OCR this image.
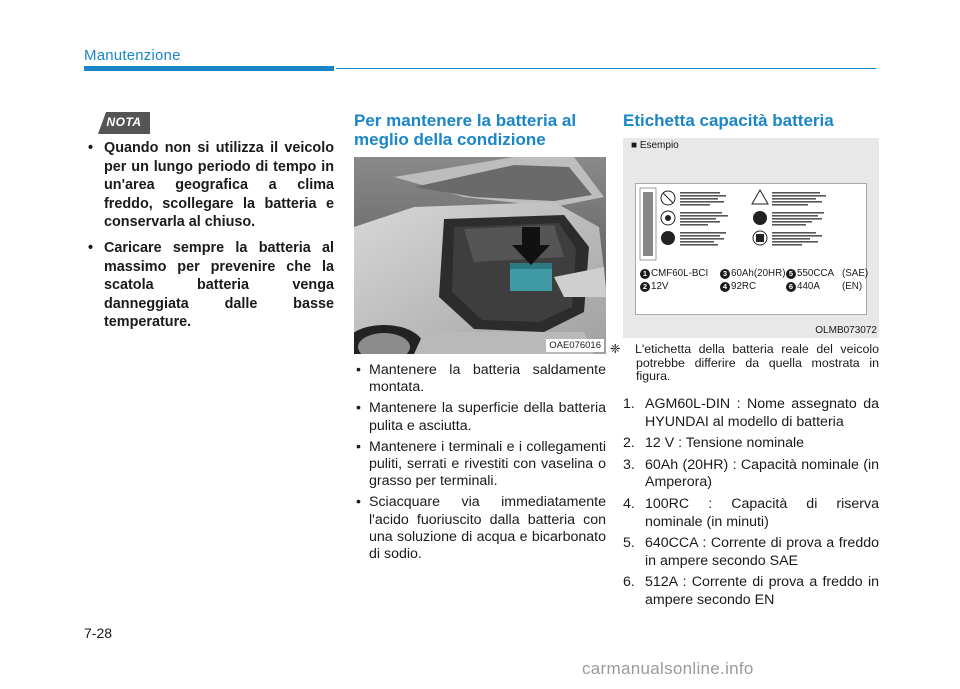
Manutenzione
NOTA
• Quando non si utilizza il veicolo per un lungo periodo di tempo in un'area geografica a clima freddo, scollegare la batteria e conservarla al chiuso.
• Caricare sempre la batteria al massimo per prevenire che la scatola batteria venga danneggiata dalle basse temperature.
Per mantenere la batteria al meglio della condizione
OAE076016
• Mantenere la batteria saldamente montata.
• Mantenere la superficie della batteria pulita e asciutta.
• Mantenere i terminali e i collegamenti puliti, serrati e rivestiti con vaselina o grasso per terminali.
• Sciacquare via immediatamente l'acido fuoriuscito dalla batteria con una soluzione di acqua e bicarbonato di sodio.
Etichetta capacità batteria
■ Esempio
1 CMF60L-BCI	3 60Ah(20HR) 5 550CCA (SAE)
2 12V	4 92RC	6 440A (EN)
OLMB073072
❈ L'etichetta della batteria reale del veicolo potrebbe differire da quella mostrata in figura.
1. AGM60L-DIN : Nome assegnato da HYUNDAI al modello di batteria
2. 12 V : Tensione nominale
3. 60Ah (20HR) : Capacità nominale (in Amperora)
4. 100RC : Capacità di riserva nominale (in minuti)
5. 640CCA : Corrente di prova a freddo in ampere secondo SAE
6. 512A : Corrente di prova a freddo in ampere secondo EN
7-28
carmanualsonline.info
